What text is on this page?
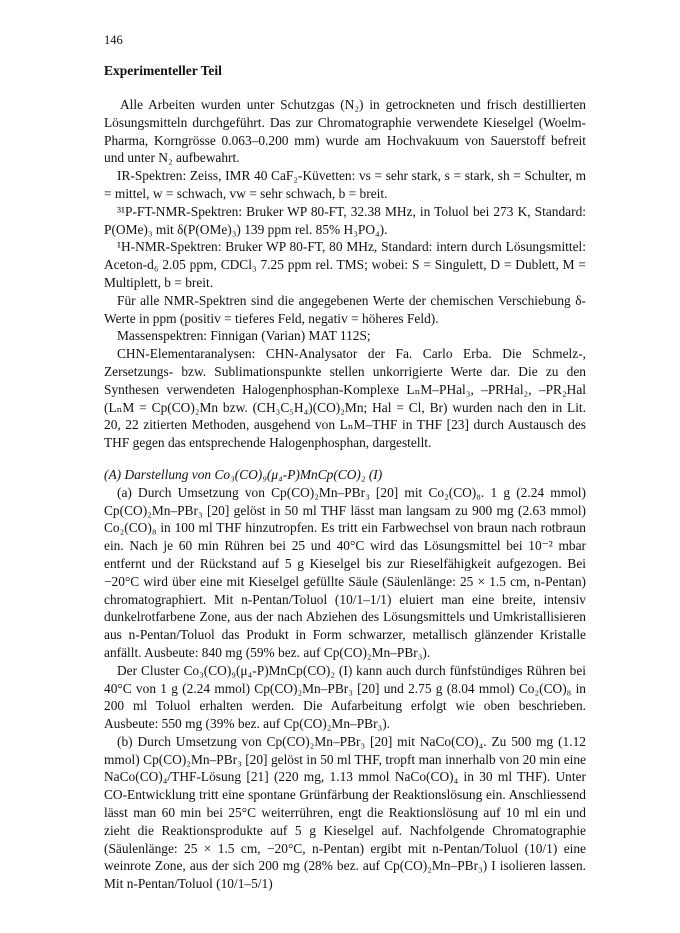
146
Experimenteller Teil

Alle Arbeiten wurden unter Schutzgas (N₂) in getrockneten und frisch destillierten Lösungsmitteln durchgeführt. Das zur Chromatographie verwendete Kieselgel (Woelm-Pharma, Korngrösse 0.063–0.200 mm) wurde am Hochvakuum von Sauerstoff befreit und unter N₂ aufbewahrt.

IR-Spektren: Zeiss, IMR 40 CaF₂-Küvetten: vs = sehr stark, s = stark, sh = Schulter, m = mittel, w = schwach, vw = sehr schwach, b = breit.

³¹P-FT-NMR-Spektren: Bruker WP 80-FT, 32.38 MHz, in Toluol bei 273 K, Standard: P(OMe)₃ mit δ(P(OMe)₃) 139 ppm rel. 85% H₃PO₄).

¹H-NMR-Spektren: Bruker WP 80-FT, 80 MHz, Standard: intern durch Lösungsmittel: Aceton-d₆ 2.05 ppm, CDCl₃ 7.25 ppm rel. TMS; wobei: S = Singulett, D = Dublett, M = Multiplett, b = breit.

Für alle NMR-Spektren sind die angegebenen Werte der chemischen Verschiebung δ-Werte in ppm (positiv = tieferes Feld, negativ = höheres Feld).

Massenspektren: Finnigan (Varian) MAT 112S;

CHN-Elementaranalysen: CHN-Analysator der Fa. Carlo Erba. Die Schmelz-, Zersetzungs- bzw. Sublimationspunkte stellen unkorrigierte Werte dar. Die zu den Synthesen verwendeten Halogenphosphan-Komplexe LₙM–PHal₃, –PRHal₂, –PR₂Hal (LₙM = Cp(CO)₂Mn bzw. (CH₃C₅H₄)(CO)₂Mn; Hal = Cl, Br) wurden nach den in Lit. 20, 22 zitierten Methoden, ausgehend von LₙM–THF in THF [23] durch Austausch des THF gegen das entsprechende Halogenphosphan, dargestellt.

(A) Darstellung von Co₃(CO)₉(μ₄-P)MnCp(CO)₂ (I)

(a) Durch Umsetzung von Cp(CO)₂Mn–PBr₃ [20] mit Co₂(CO)₈. 1 g (2.24 mmol) Cp(CO)₂Mn–PBr₃ [20] gelöst in 50 ml THF lässt man langsam zu 900 mg (2.63 mmol) Co₂(CO)₈ in 100 ml THF hinzutropfen. Es tritt ein Farbwechsel von braun nach rotbraun ein. Nach je 60 min Rühren bei 25 und 40°C wird das Lösungsmittel bei 10⁻² mbar entfernt und der Rückstand auf 5 g Kieselgel bis zur Rieselfähigkeit aufgezogen. Bei −20°C wird über eine mit Kieselgel gefüllte Säule (Säulenlänge: 25 × 1.5 cm, n-Pentan) chromatographiert. Mit n-Pentan/Toluol (10/1–1/1) eluiert man eine breite, intensiv dunkelrotfarbene Zone, aus der nach Abziehen des Lösungsmittels und Umkristallisieren aus n-Pentan/Toluol das Produkt in Form schwarzer, metallisch glänzender Kristalle anfällt. Ausbeute: 840 mg (59% bez. auf Cp(CO)₂Mn–PBr₃).

Der Cluster Co₃(CO)₉(μ₄-P)MnCp(CO)₂ (I) kann auch durch fünfstündiges Rühren bei 40°C von 1 g (2.24 mmol) Cp(CO)₂Mn–PBr₃ [20] und 2.75 g (8.04 mmol) Co₂(CO)₈ in 200 ml Toluol erhalten werden. Die Aufarbeitung erfolgt wie oben beschrieben. Ausbeute: 550 mg (39% bez. auf Cp(CO)₂Mn–PBr₃).

(b) Durch Umsetzung von Cp(CO)₂Mn–PBr₃ [20] mit NaCo(CO)₄. Zu 500 mg (1.12 mmol) Cp(CO)₂Mn–PBr₃ [20] gelöst in 50 ml THF, tropft man innerhalb von 20 min eine NaCo(CO)₄/THF-Lösung [21] (220 mg, 1.13 mmol NaCo(CO)₄ in 30 ml THF). Unter CO-Entwicklung tritt eine spontane Grünfärbung der Reaktionslösung ein. Anschliessend lässt man 60 min bei 25°C weiterrühren, engt die Reaktionslösung auf 10 ml ein und zieht die Reaktionsprodukte auf 5 g Kieselgel auf. Nachfolgende Chromatographie (Säulenlänge: 25 × 1.5 cm, −20°C, n-Pentan) ergibt mit n-Pentan/Toluol (10/1) eine weinrote Zone, aus der sich 200 mg (28% bez. auf Cp(CO)₂Mn–PBr₃) I isolieren lassen. Mit n-Pentan/Toluol (10/1–5/1)
